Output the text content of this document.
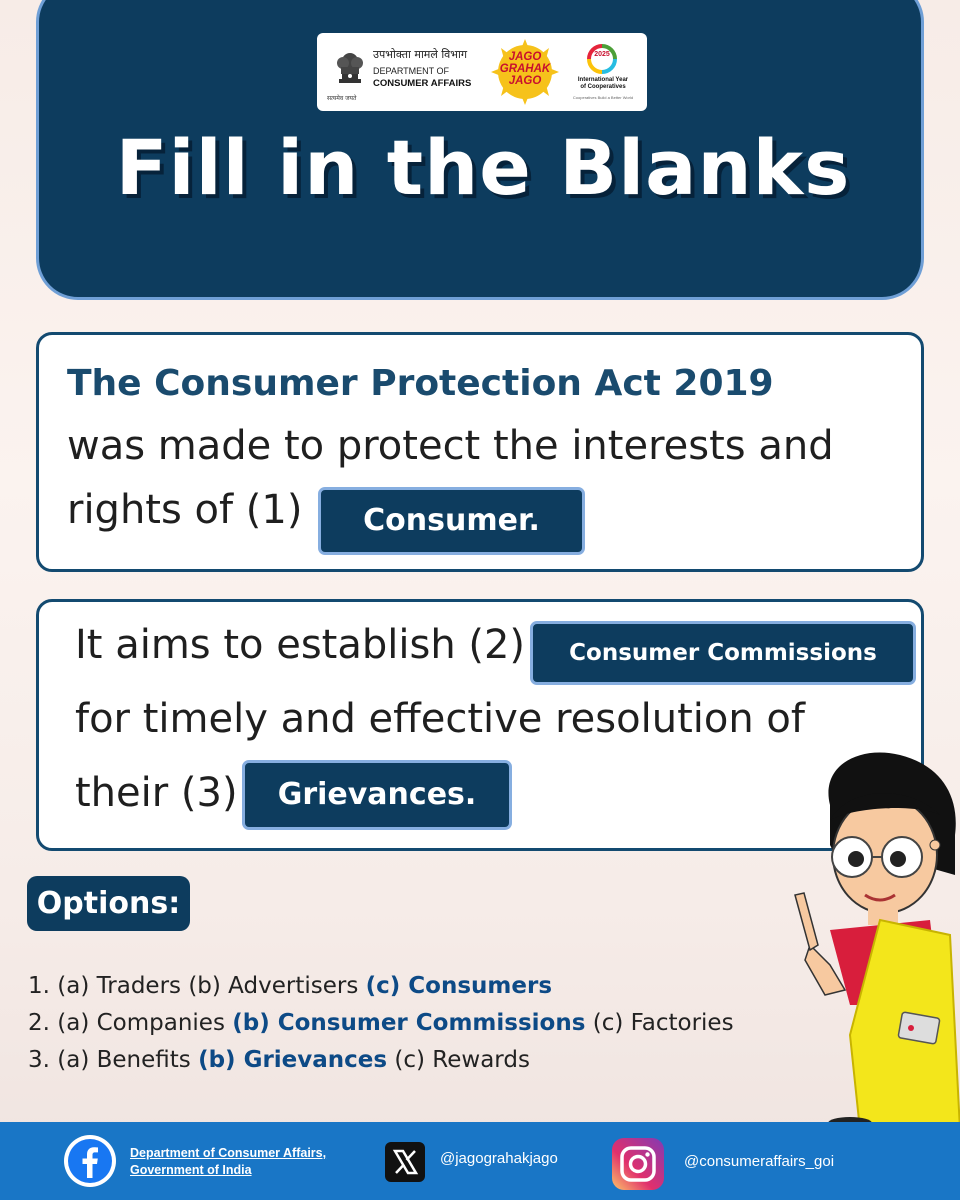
सत्यमेव जयते
उपभोक्ता मामले विभाग
DEPARTMENT OF
CONSUMER AFFAIRS
JAGO
GRAHAK
JAGO
2025
International Year
of Cooperatives
Cooperatives Build a Better World
Fill in the Blanks
The Consumer Protection Act 2019
was made to protect the interests and
rights of (1)	Consumer.
It aims to establish (2)	Consumer Commissions
for timely and effective resolution of
their (3)	Grievances.
Options:
1. (a) Traders (b) Advertisers (c) Consumers
2. (a) Companies (b) Consumer Commissions (c) Factories
3. (a) Benefits (b) Grievances (c) Rewards
Department of Consumer Affairs,
Government of India
@jagograhakjago	@consumeraffairs_goi
